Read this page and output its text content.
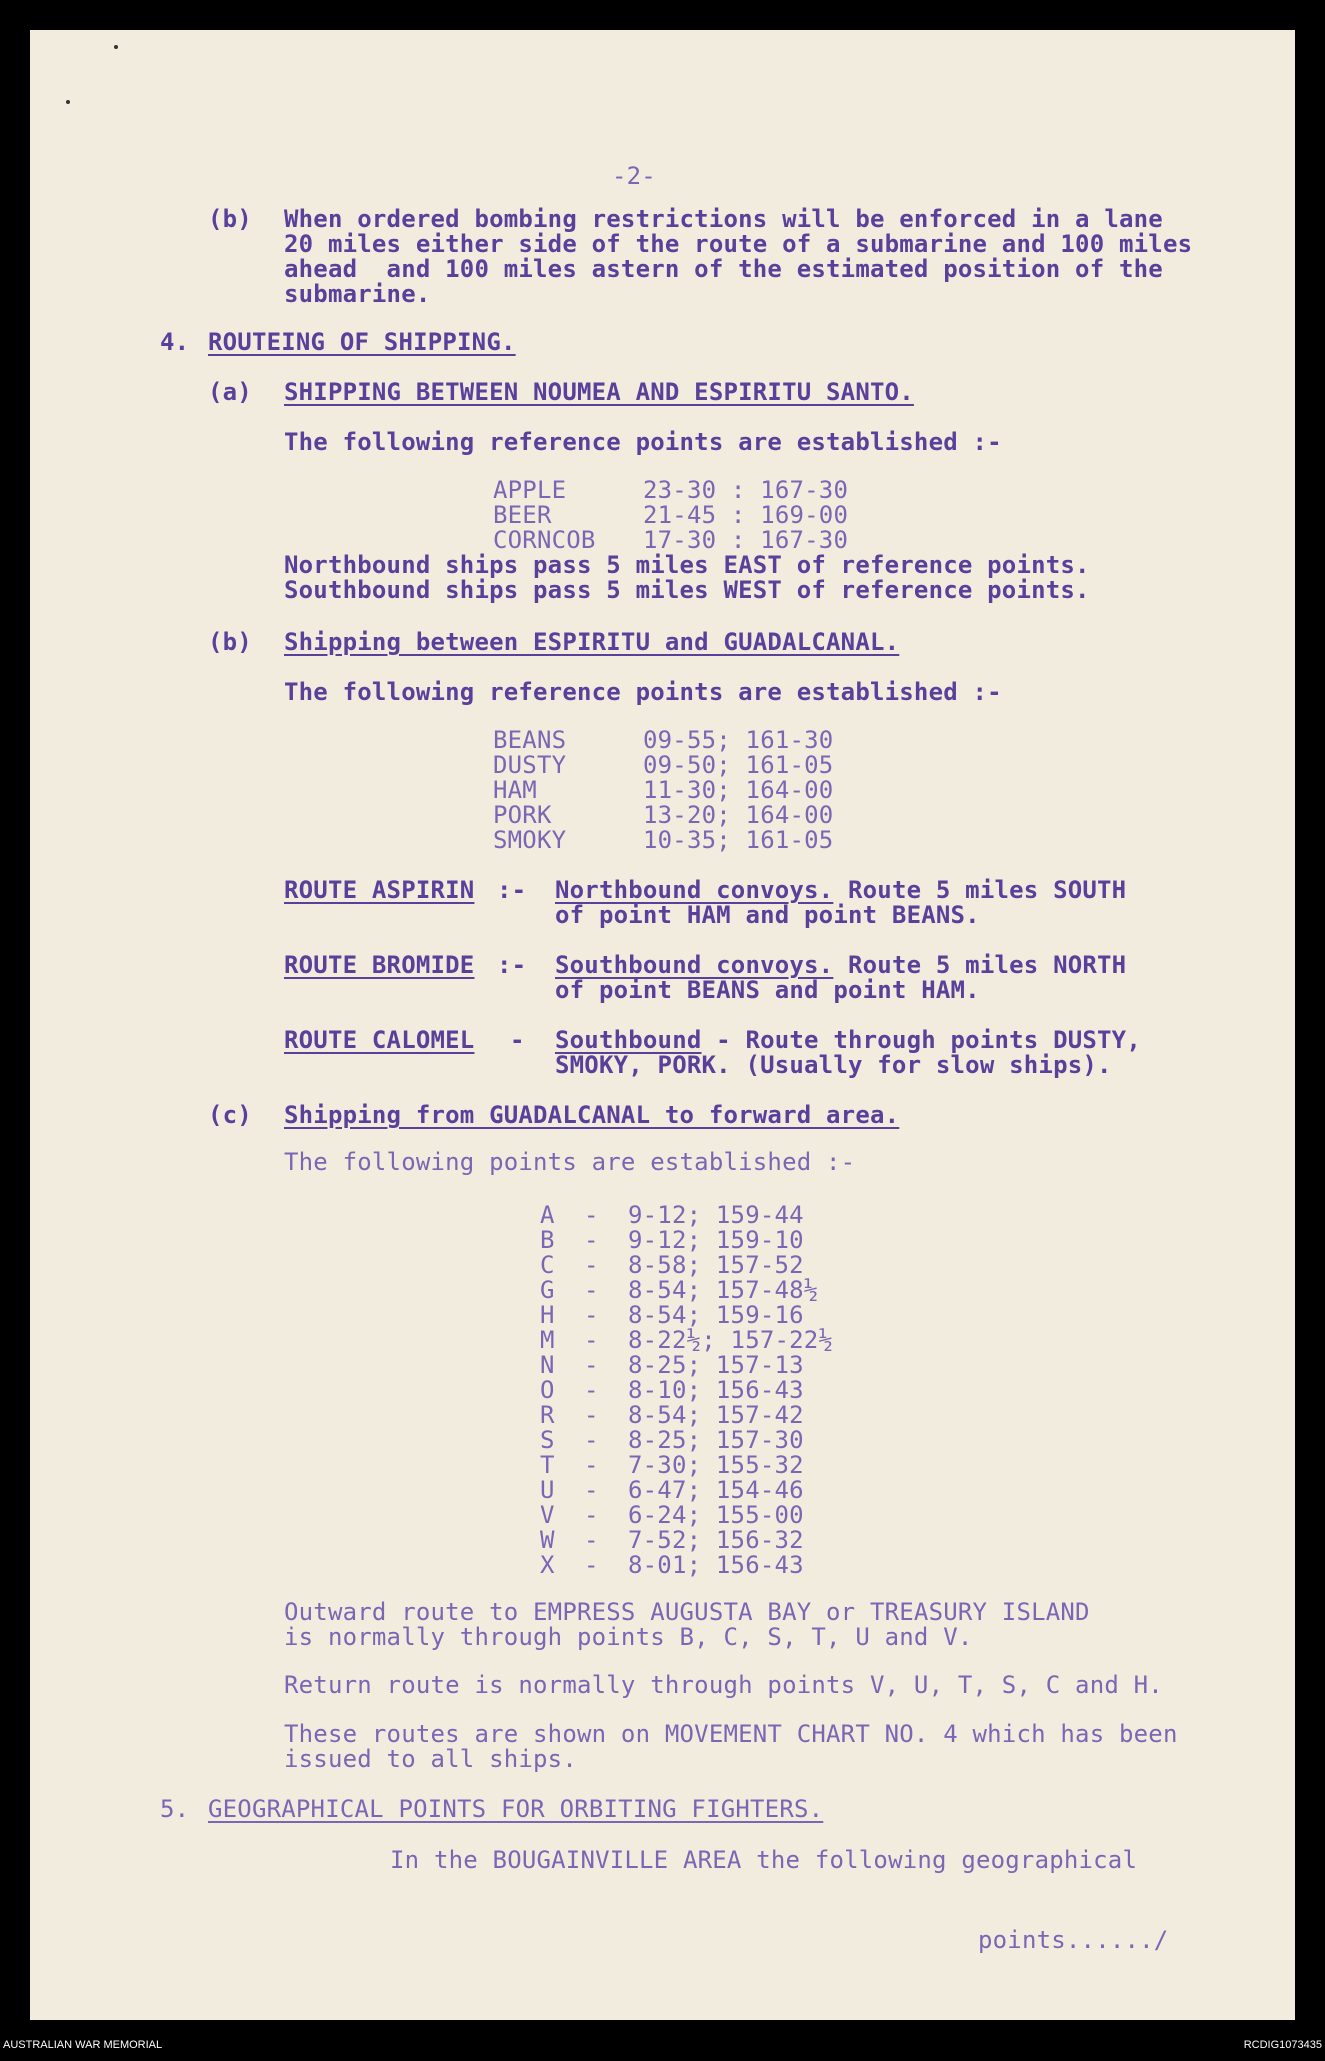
-2-
(b) When ordered bombing restrictions will be enforced in a lane
20 miles either side of the route of a submarine and 100 miles
ahead  and 100 miles astern of the estimated position of the
submarine.
4. ROUTEING OF SHIPPING.
(a) SHIPPING BETWEEN NOUMEA AND ESPIRITU SANTO.
The following reference points are established :-
APPLE	23-30 : 167-30
BEER	21-45 : 169-00
CORNCOB 17-30 : 167-30
Northbound ships pass 5 miles EAST of reference points.
Southbound ships pass 5 miles WEST of reference points.
(b) Shipping between ESPIRITU and GUADALCANAL.
The following reference points are established :-
BEANS	09-55; 161-30
DUSTY	09-50; 161-05
HAM	11-30; 164-00
PORK	13-20; 164-00
SMOKY	10-35; 161-05
ROUTE ASPIRIN :- Northbound convoys. Route 5 miles SOUTH
of point HAM and point BEANS.
ROUTE BROMIDE :- Southbound convoys. Route 5 miles NORTH
of point BEANS and point HAM.
ROUTE CALOMEL - Southbound - Route through points DUSTY,
SMOKY, PORK. (Usually for slow ships).
(c) Shipping from GUADALCANAL to forward area.
The following points are established :-
A - 9-12; 159-44
B - 9-12; 159-10
C - 8-58; 157-52
G - 8-54; 157-48½
H - 8-54; 159-16
M - 8-22½; 157-22½
N - 8-25; 157-13
O - 8-10; 156-43
R - 8-54; 157-42
S - 8-25; 157-30
T - 7-30; 155-32
U - 6-47; 154-46
V - 6-24; 155-00
W - 7-52; 156-32
X - 8-01; 156-43
Outward route to EMPRESS AUGUSTA BAY or TREASURY ISLAND
is normally through points B, C, S, T, U and V.
Return route is normally through points V, U, T, S, C and H.
These routes are shown on MOVEMENT CHART NO. 4 which has been
issued to all ships.
5. GEOGRAPHICAL POINTS FOR ORBITING FIGHTERS.
In the BOUGAINVILLE AREA the following geographical
points....../
AUSTRALIAN WAR MEMORIAL	RCDIG1073435
